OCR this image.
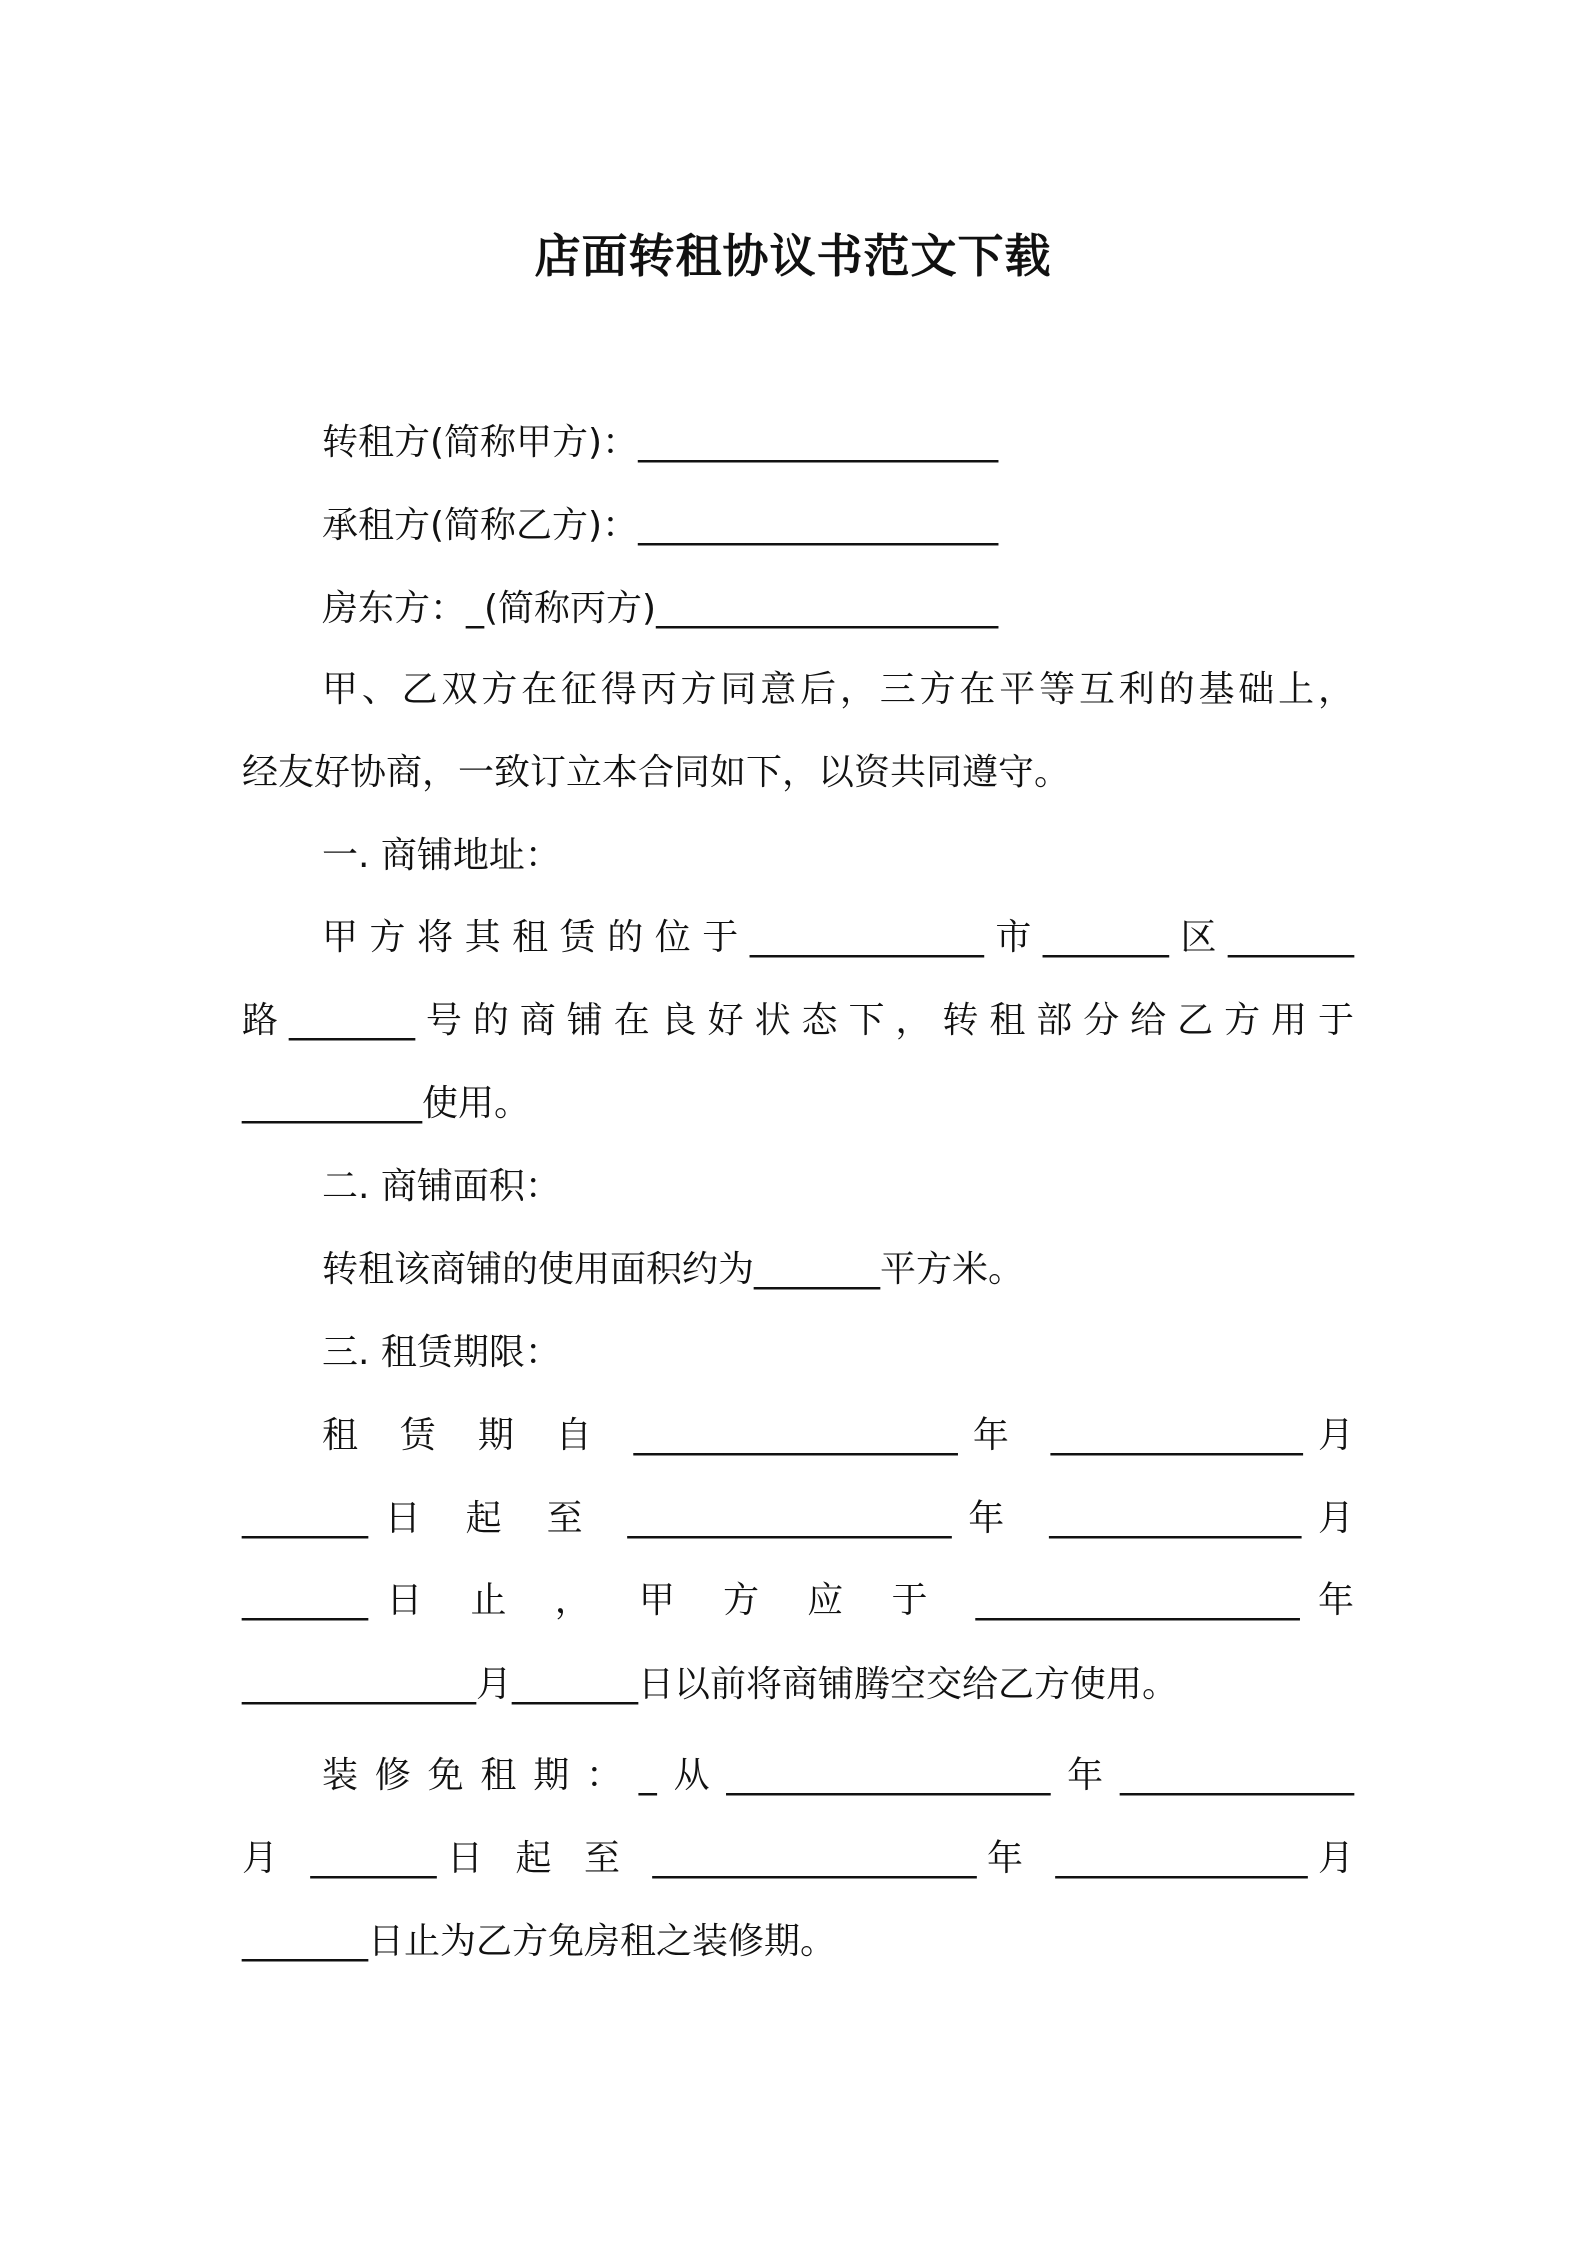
店面转租协议书范文下载
转租方(简称甲方)：____________________
承租方(简称乙方)：____________________
房东方：_(简称丙方)___________________
甲、乙双方在征得丙方同意后，三方在平等互利的基础上，
经友好协商，一致订立本合同如下，以资共同遵守。
一. 商铺地址：
甲方将其租赁的位于_____________市_______区_______
路_______号的商铺在良好状态下，转租部分给乙方用于
__________使用。
二. 商铺面积：
转租该商铺的使用面积约为_______平方米。
三. 租赁期限：
租 赁 期 自 __________________年 ______________月
_______日 起 至 __________________年 ______________月
_______日 止 ， 甲 方 应 于 __________________年
_____________月_______日以前将商铺腾空交给乙方使用。
装修免租期：_从__________________年_____________
月 _______日 起 至 __________________年 ______________月
_______日止为乙方免房租之装修期。
